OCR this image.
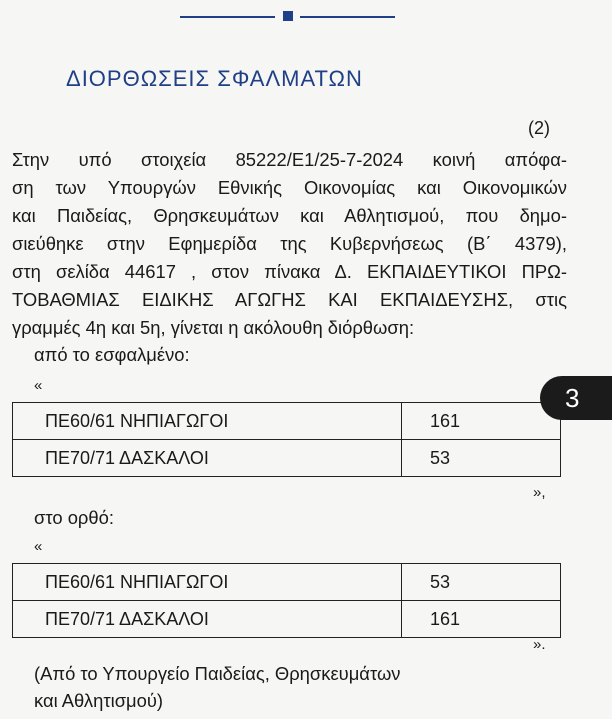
ΔΙΟΡΘΩΣΕΙΣ ΣΦΑΛΜΑΤΩΝ
(2)
Στην υπό στοιχεία 85222/Ε1/25-7-2024 κοινή απόφα-
ση των Υπουργών Εθνικής Οικονομίας και Οικονομικών
και Παιδείας, Θρησκευμάτων και Αθλητισμού, που δημο-
σιεύθηκε στην Εφημερίδα της Κυβερνήσεως (Β΄ 4379),
στη σελίδα 44617 , στον πίνακα Δ. ΕΚΠΑΙΔΕΥΤΙΚΟΙ ΠΡΩ-
ΤΟΒΑΘΜΙΑΣ ΕΙΔΙΚΗΣ ΑΓΩΓΗΣ ΚΑΙ ΕΚΠΑΙΔΕΥΣΗΣ, στις
γραμμές 4η και 5η, γίνεται η ακόλουθη διόρθωση:
από το εσφαλμένο:
«
ΠΕ60/61 ΝΗΠΙΑΓΩΓΟΙ	161
ΠΕ70/71 ΔΑΣΚΑΛΟΙ	53
»,
στο ορθό:
«
ΠΕ60/61 ΝΗΠΙΑΓΩΓΟΙ	53
ΠΕ70/71 ΔΑΣΚΑΛΟΙ	161
».
(Από το Υπουργείο Παιδείας, Θρησκευμάτων
και Αθλητισμού)
3
